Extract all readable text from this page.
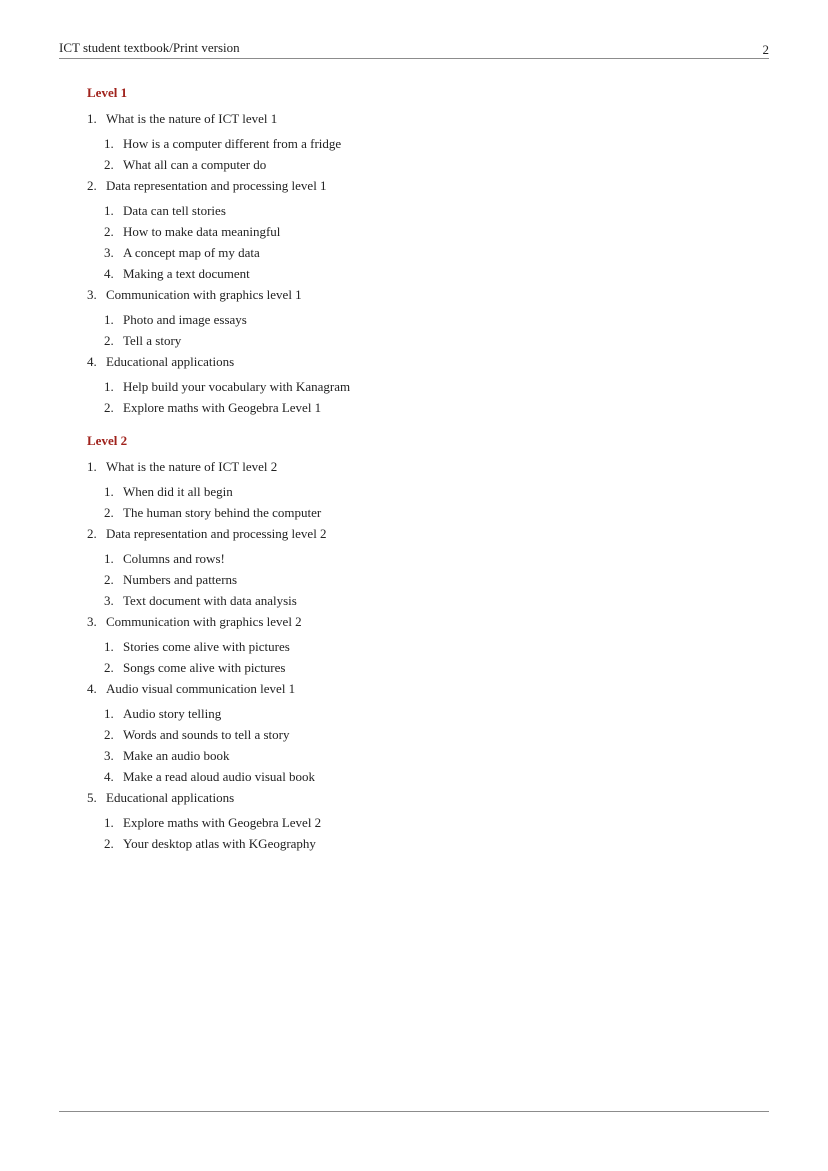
ICT student textbook/Print version	2
Level 1
1. What is the nature of ICT level 1
1. How is a computer different from a fridge
2. What all can a computer do
2. Data representation and processing level 1
1. Data can tell stories
2. How to make data meaningful
3. A concept map of my data
4. Making a text document
3. Communication with graphics level 1
1. Photo and image essays
2. Tell a story
4. Educational applications
1. Help build your vocabulary with Kanagram
2. Explore maths with Geogebra Level 1
Level 2
1. What is the nature of ICT level 2
1. When did it all begin
2. The human story behind the computer
2. Data representation and processing level 2
1. Columns and rows!
2. Numbers and patterns
3. Text document with data analysis
3. Communication with graphics level 2
1. Stories come alive with pictures
2. Songs come alive with pictures
4. Audio visual communication level 1
1. Audio story telling
2. Words and sounds to tell a story
3. Make an audio book
4. Make a read aloud audio visual book
5. Educational applications
1. Explore maths with Geogebra Level 2
2. Your desktop atlas with KGeography
